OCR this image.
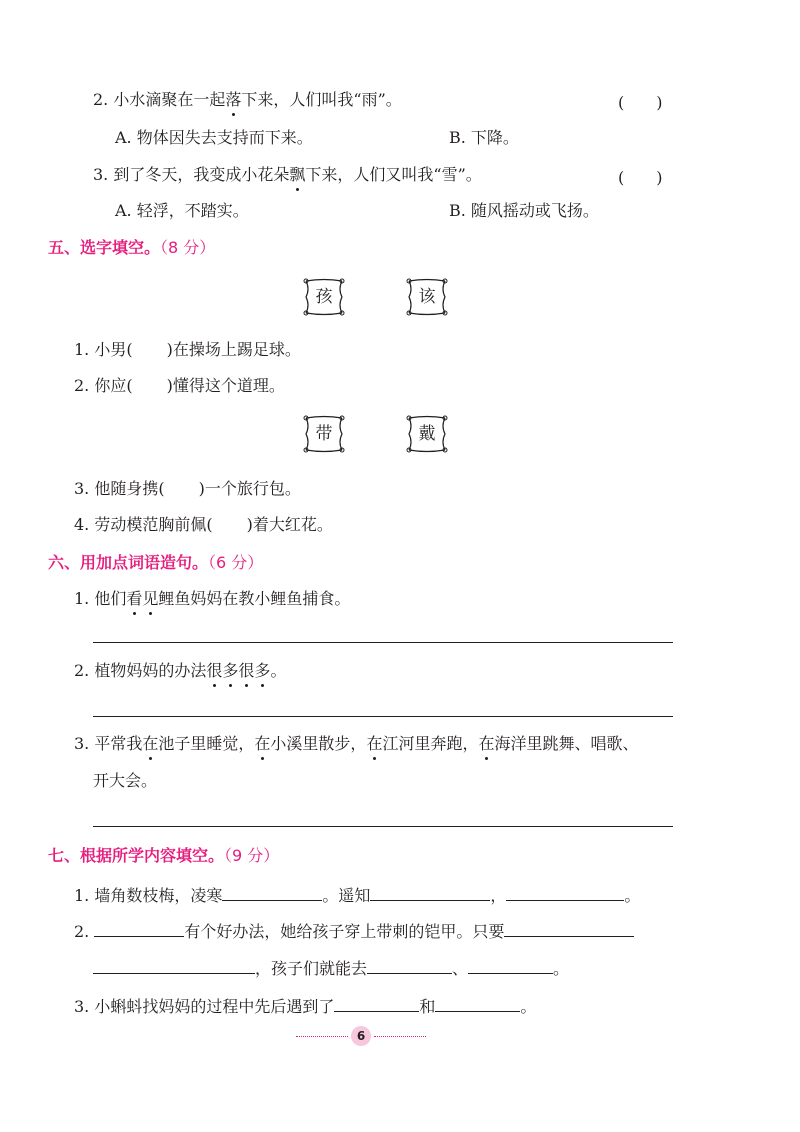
2. 小水滴聚在一起落下来，人们叫我“雨”。	(　　)
A. 物体因失去支持而下来。	B. 下降。
3. 到了冬天，我变成小花朵飘下来，人们又叫我“雪”。	(　　)
A. 轻浮，不踏实。	B. 随风摇动或飞扬。
五、选字填空。（8 分）
孩	该
1. 小男( )在操场上踢足球。
2. 你应( )懂得这个道理。
带	戴
3. 他随身携( )一个旅行包。
4. 劳动模范胸前佩( )着大红花。
六、用加点词语造句。（6 分）
1. 他们看见鲤鱼妈妈在教小鲤鱼捕食。
2. 植物妈妈的办法很多很多。
3. 平常我在池子里睡觉，在小溪里散步，在江河里奔跑，在海洋里跳舞、唱歌、
开大会。
七、根据所学内容填空。（9 分）
1. 墙角数枝梅，凌寒	。遥知	，	。
2.	有个好办法，她给孩子穿上带刺的铠甲。只要
，孩子们就能去	、	。
3. 小蝌蚪找妈妈的过程中先后遇到了	和	。
6
